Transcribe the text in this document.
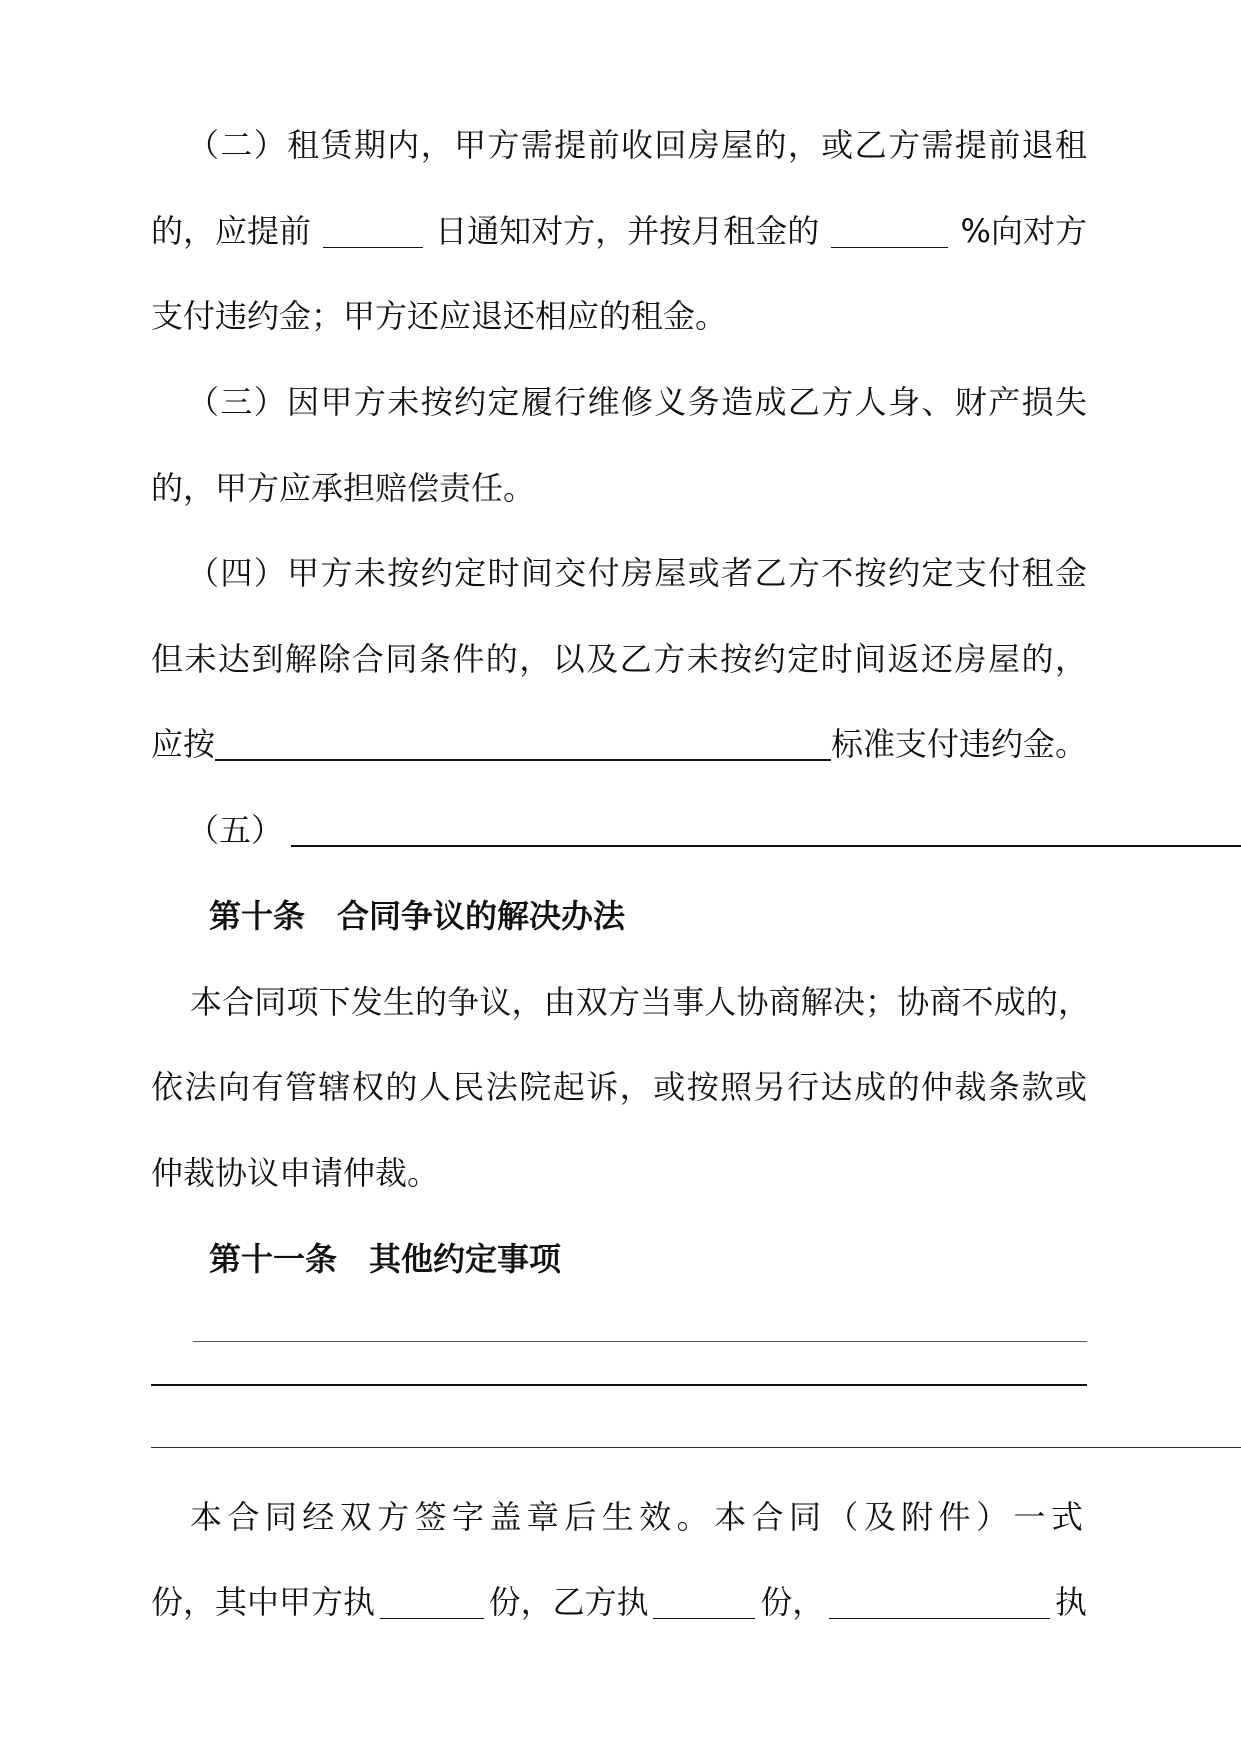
（二）租赁期内，甲方需提前收回房屋的，或乙方需提前退租
的，应提前	日通知对方，并按月租金的	%向对方
支付违约金；甲方还应退还相应的租金。
（三）因甲方未按约定履行维修义务造成乙方人身、财产损失
的，甲方应承担赔偿责任。
（四）甲方未按约定时间交付房屋或者乙方不按约定支付租金
但未达到解除合同条件的，以及乙方未按约定时间返还房屋的，
应按	标准支付违约金。
（五）
第十条　合同争议的解决办法
本合同项下发生的争议，由双方当事人协商解决；协商不成的，
依法向有管辖权的人民法院起诉，或按照另行达成的仲裁条款或
仲裁协议申请仲裁。
第十一条　其他约定事项
本合同经双方签字盖章后生效。本合同（及附件）一式
份，其中甲方执	份，乙方执	份，	执
